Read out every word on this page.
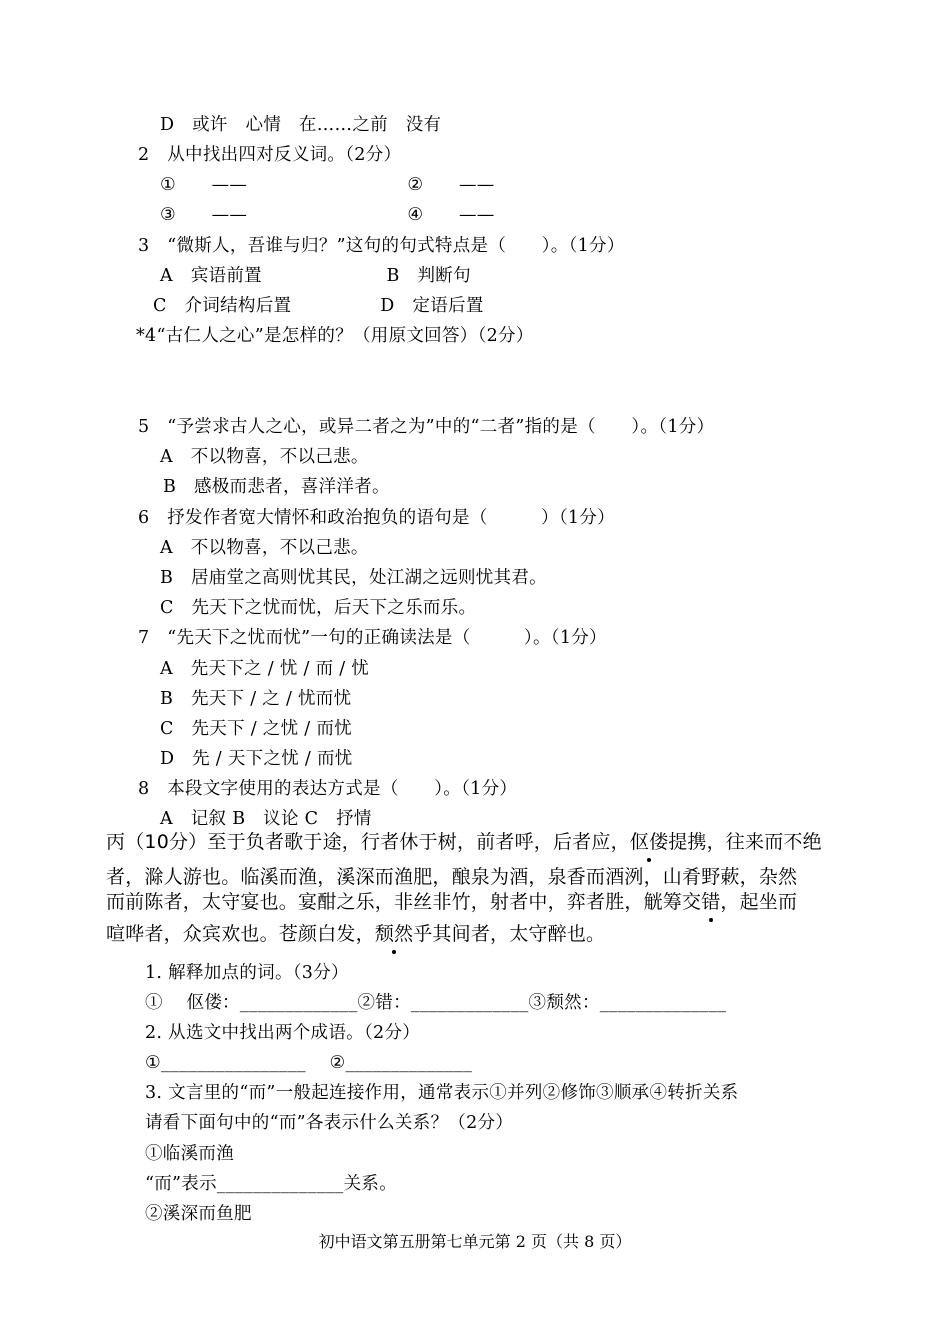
D　或许　心情　在……之前　没有
2　从中找出四对反义词。（2分）
①　　——　　　　　　　　　②　　——
③　　——　　　　　　　　　④　　——
3　“微斯人，吾谁与归？”这句的句式特点是（　　）。（1分）
A　宾语前置　　　　　　　B　判断句
C　介词结构后置　　　　　D　定语后置
*4“古仁人之心”是怎样的？（用原文回答）（2分）
5　“予尝求古人之心，或异二者之为”中的“二者”指的是（　　）。（1分）
A　不以物喜，不以己悲。
B　感极而悲者，喜洋洋者。
6　抒发作者宽大情怀和政治抱负的语句是（　　　）（1分）
A　不以物喜，不以己悲。
B　居庙堂之高则忧其民，处江湖之远则忧其君。
C　先天下之忧而忧，后天下之乐而乐。
7　“先天下之忧而忧”一句的正确读法是（　　　）。（1分）
A　先天下之 / 忧 / 而 / 忧
B　先天下 / 之 / 忧而忧
C　先天下 / 之忧 / 而忧
D　先 / 天下之忧 / 而忧
8　本段文字使用的表达方式是（　　）。（1分）
A　记叙 B　议论 C　抒情
丙（10分）至于负者歌于途，行者休于树，前者呼，后者应，伛偻提携，往来而不绝
者，滁人游也。临溪而渔，溪深而渔肥，酿泉为酒，泉香而酒洌，山肴野蔌，杂然
而前陈者，太守宴也。宴酣之乐，非丝非竹，射者中，弈者胜，觥筹交错，起坐而
喧哗者，众宾欢也。苍颜白发，颓然乎其间者，太守醉也。
1. 解释加点的词。（3分）
①　 伛偻：_____________②错：_____________③颓然：______________
2. 从选文中找出两个成语。（2分）
①________________　 ②______________
3. 文言里的“而”一般起连接作用，通常表示①并列②修饰③顺承④转折关系
请看下面句中的“而”各表示什么关系？（2分）
①临溪而渔
“而”表示______________关系。
②溪深而鱼肥
初中语文第五册第七单元第 2 页（共 8 页）
